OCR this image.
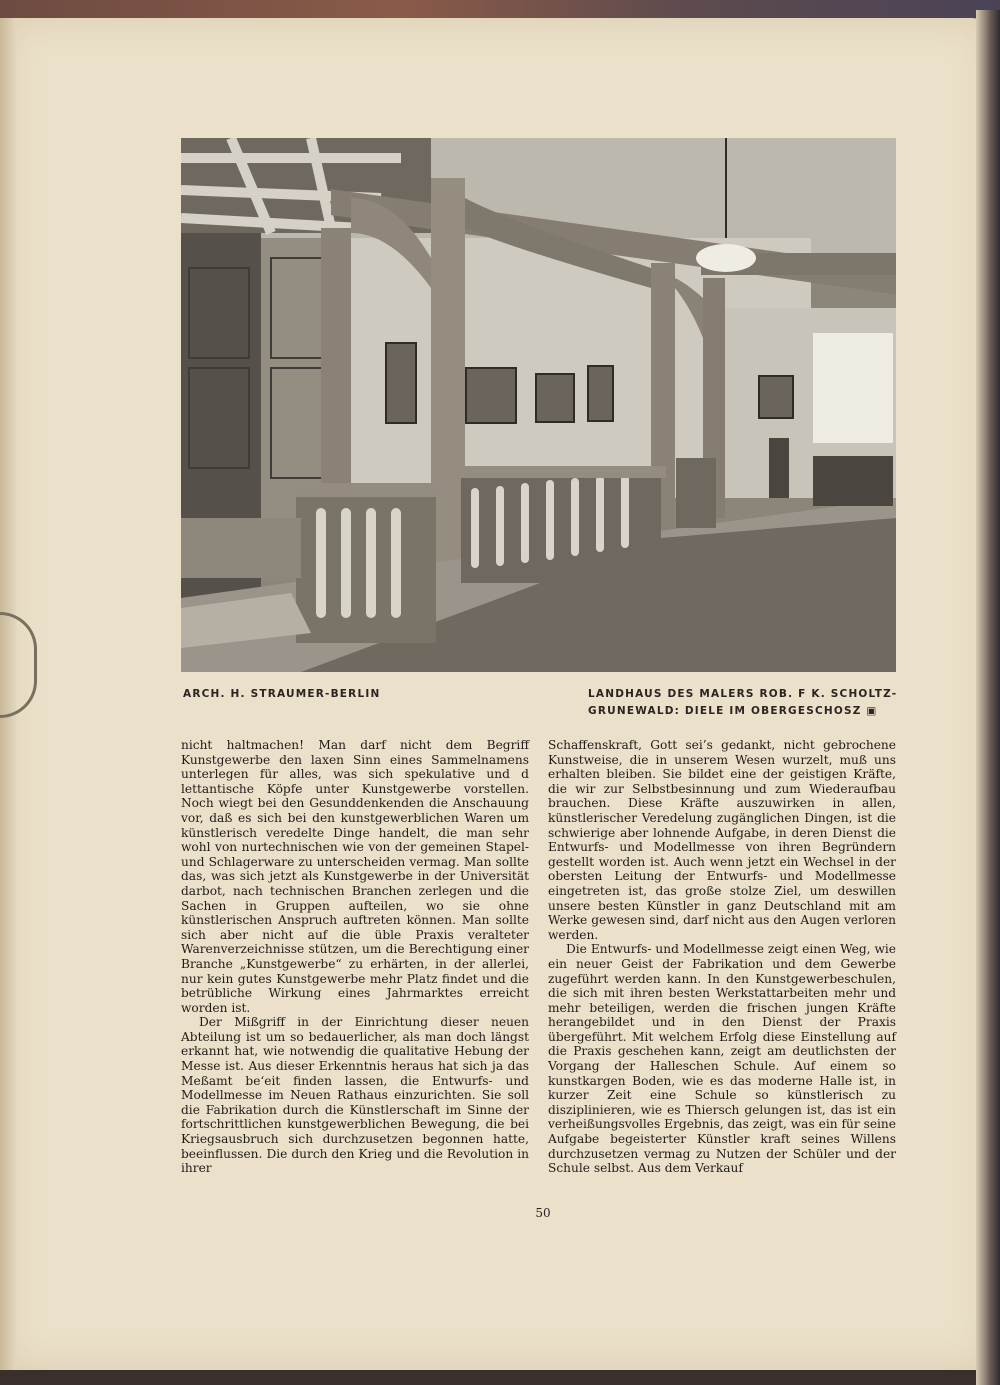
ARCH. H. STRAUMER-BERLIN	LANDHAUS DES MALERS ROB. F K. SCHOLTZ-
GRUNEWALD: DIELE IM OBERGESCHOSZ ▣

nicht haltmachen! Man darf nicht dem Begriff Kunstgewerbe den laxen Sinn eines Sammelnamens unterlegen für alles, was sich spekulative und d lettantische Köpfe unter Kunstgewerbe vorstellen. Noch wiegt bei den Gesunddenkenden die Anschauung vor, daß es sich bei den kunstgewerblichen Waren um künstlerisch veredelte Dinge handelt, die man sehr wohl von nurtechnischen wie von der gemeinen Stapel- und Schlagerware zu unterscheiden vermag. Man sollte das, was sich jetzt als Kunstgewerbe in der Universität darbot, nach technischen Branchen zerlegen und die Sachen in Gruppen aufteilen, wo sie ohne künstlerischen Anspruch auftreten können. Man sollte sich aber nicht auf die üble Praxis veralteter Warenverzeichnisse stützen, um die Berechtigung einer Branche „Kunstgewerbe“ zu erhärten, in der allerlei, nur kein gutes Kunstgewerbe mehr Platz findet und die betrübliche Wirkung eines Jahrmarktes erreicht worden ist.

Der Mißgriff in der Einrichtung dieser neuen Abteilung ist um so bedauerlicher, als man doch längst erkannt hat, wie notwendig die qualitative Hebung der Messe ist. Aus dieser Erkenntnis heraus hat sich ja das Meßamt be‘eit finden lassen, die Entwurfs- und Modellmesse im Neuen Rathaus einzurichten. Sie soll die Fabrikation durch die Künstlerschaft im Sinne der fortschrittlichen kunstgewerblichen Bewegung, die bei Kriegsausbruch sich durchzusetzen begonnen hatte, beeinflussen. Die durch den Krieg und die Revolution in ihrer

Schaffenskraft, Gott sei’s gedankt, nicht gebrochene Kunstweise, die in unserem Wesen wurzelt, muß uns erhalten bleiben. Sie bildet eine der geistigen Kräfte, die wir zur Selbstbesinnung und zum Wiederaufbau brauchen. Diese Kräfte auszuwirken in allen, künstlerischer Veredelung zugänglichen Dingen, ist die schwierige aber lohnende Aufgabe, in deren Dienst die Entwurfs- und Modellmesse von ihren Begründern gestellt worden ist. Auch wenn jetzt ein Wechsel in der obersten Leitung der Entwurfs- und Modellmesse eingetreten ist, das große stolze Ziel, um deswillen unsere besten Künstler in ganz Deutschland mit am Werke gewesen sind, darf nicht aus den Augen verloren werden.

Die Entwurfs- und Modellmesse zeigt einen Weg, wie ein neuer Geist der Fabrikation und dem Gewerbe zugeführt werden kann. In den Kunstgewerbeschulen, die sich mit ihren besten Werkstattarbeiten mehr und mehr beteiligen, werden die frischen jungen Kräfte herangebildet und in den Dienst der Praxis übergeführt. Mit welchem Erfolg diese Einstellung auf die Praxis geschehen kann, zeigt am deutlichsten der Vorgang der Halleschen Schule. Auf einem so kunstkargen Boden, wie es das moderne Halle ist, in kurzer Zeit eine Schule so künstlerisch zu disziplinieren, wie es Thiersch gelungen ist, das ist ein verheißungsvolles Ergebnis, das zeigt, was ein für seine Aufgabe begeisterter Künstler kraft seines Willens durchzusetzen vermag zu Nutzen der Schüler und der Schule selbst. Aus dem Verkauf

50
